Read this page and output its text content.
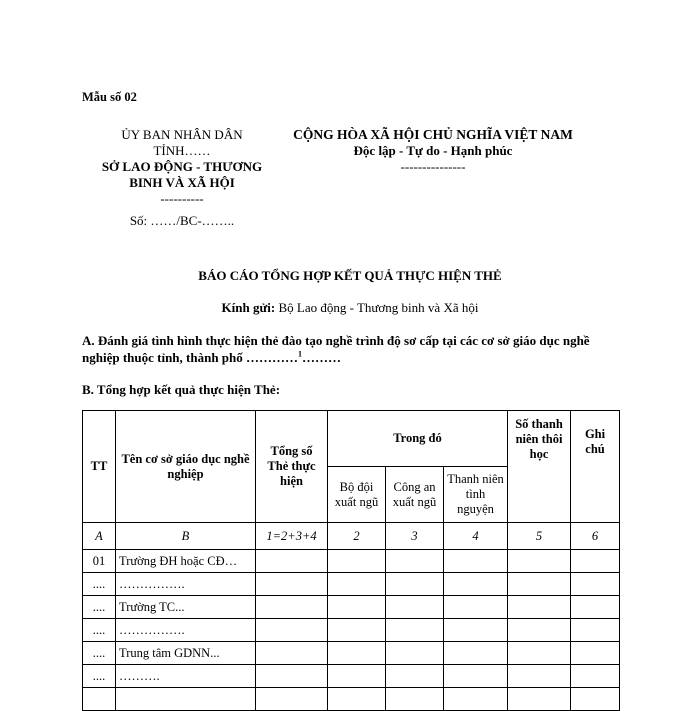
Mẫu số 02
ỦY BAN NHÂN DÂN
TỈNH……
SỞ LAO ĐỘNG - THƯƠNG
BINH VÀ XÃ HỘI
----------
Số: ……/BC-……..
CỘNG HÒA XÃ HỘI CHỦ NGHĨA VIỆT NAM
Độc lập - Tự do - Hạnh phúc
---------------
BÁO CÁO TỔNG HỢP KẾT QUẢ THỰC HIỆN THẺ
Kính gửi: Bộ Lao động - Thương binh và Xã hội
A. Đánh giá tình hình thực hiện thẻ đào tạo nghề trình độ sơ cấp tại các cơ sở giáo dục nghề nghiệp thuộc tỉnh, thành phố …………$^1$………
B. Tổng hợp kết quả thực hiện Thẻ:
TT	Tên cơ sở giáo dục nghề nghiệp	Tổng số Thẻ thực hiện	Trong đó			Số thanh niên thôi học	Ghi chú
			Bộ đội xuất ngũ	Công an xuất ngũ	Thanh niên tình nguyện		
A	B	1=2+3+4	2	3	4	5	6
01	Trường ĐH hoặc CĐ…						
....	…………….						
....	Trường TC...						
....	…………….						
....	Trung tâm GDNN...						
....	……….						
